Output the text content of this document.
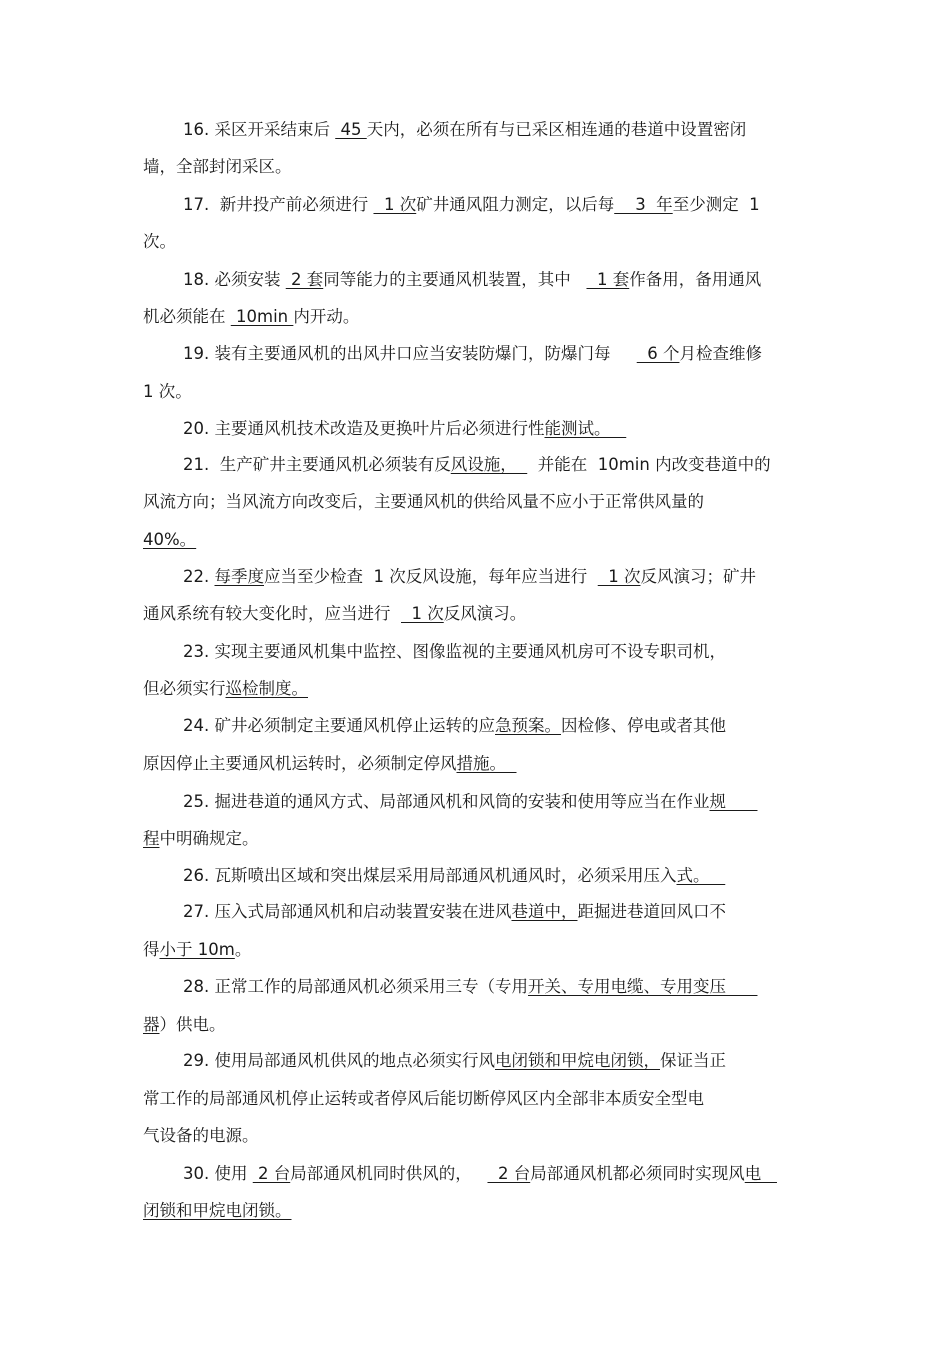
16. 采区开采结束后  45 天内，必须在所有与已采区相连通的巷道中设置密闭
墙，全部封闭采区。
17.  新井投产前必须进行   1 次矿井通风阻力测定，以后每    3  年至少测定  1
次。
18. 必须安装  2 套同等能力的主要通风机装置，其中     1 套作备用，备用通风
机必须能在  10min 内开动。
19. 装有主要通风机的出风井口应当安装防爆门，防爆门每       6 个月检查维修
1 次。
20. 主要通风机技术改造及更换叶片后必须进行性能测试。
21.  生产矿井主要通风机必须装有反风设施，    并能在  10min 内改变巷道中的
风流方向；当风流方向改变后，主要通风机的供给风量不应小于正常供风量的
40%。
22. 每季度应当至少检查  1 次反风设施，每年应当进行    1 次反风演习；矿井
通风系统有较大变化时，应当进行    1 次反风演习。
23. 实现主要通风机集中监控、图像监视的主要通风机房可不设专职司机，
但必须实行巡检制度。
24. 矿井必须制定主要通风机停止运转的应急预案。因检修、停电或者其他
原因停止主要通风机运转时，必须制定停风措施。
25. 掘进巷道的通风方式、局部通风机和风筒的安装和使用等应当在作业规
程中明确规定。
26. 瓦斯喷出区域和突出煤层采用局部通风机通风时，必须采用压入式。
27. 压入式局部通风机和启动装置安装在进风巷道中，距掘进巷道回风口不
得小于 10m。
28. 正常工作的局部通风机必须采用三专（专用开关、专用电缆、专用变压
器）供电。
29. 使用局部通风机供风的地点必须实行风电闭锁和甲烷电闭锁，保证当正
常工作的局部通风机停止运转或者停风后能切断停风区内全部非本质安全型电
气设备的电源。
30. 使用  2 台局部通风机同时供风的，     2 台局部通风机都必须同时实现风电
闭锁和甲烷电闭锁。
